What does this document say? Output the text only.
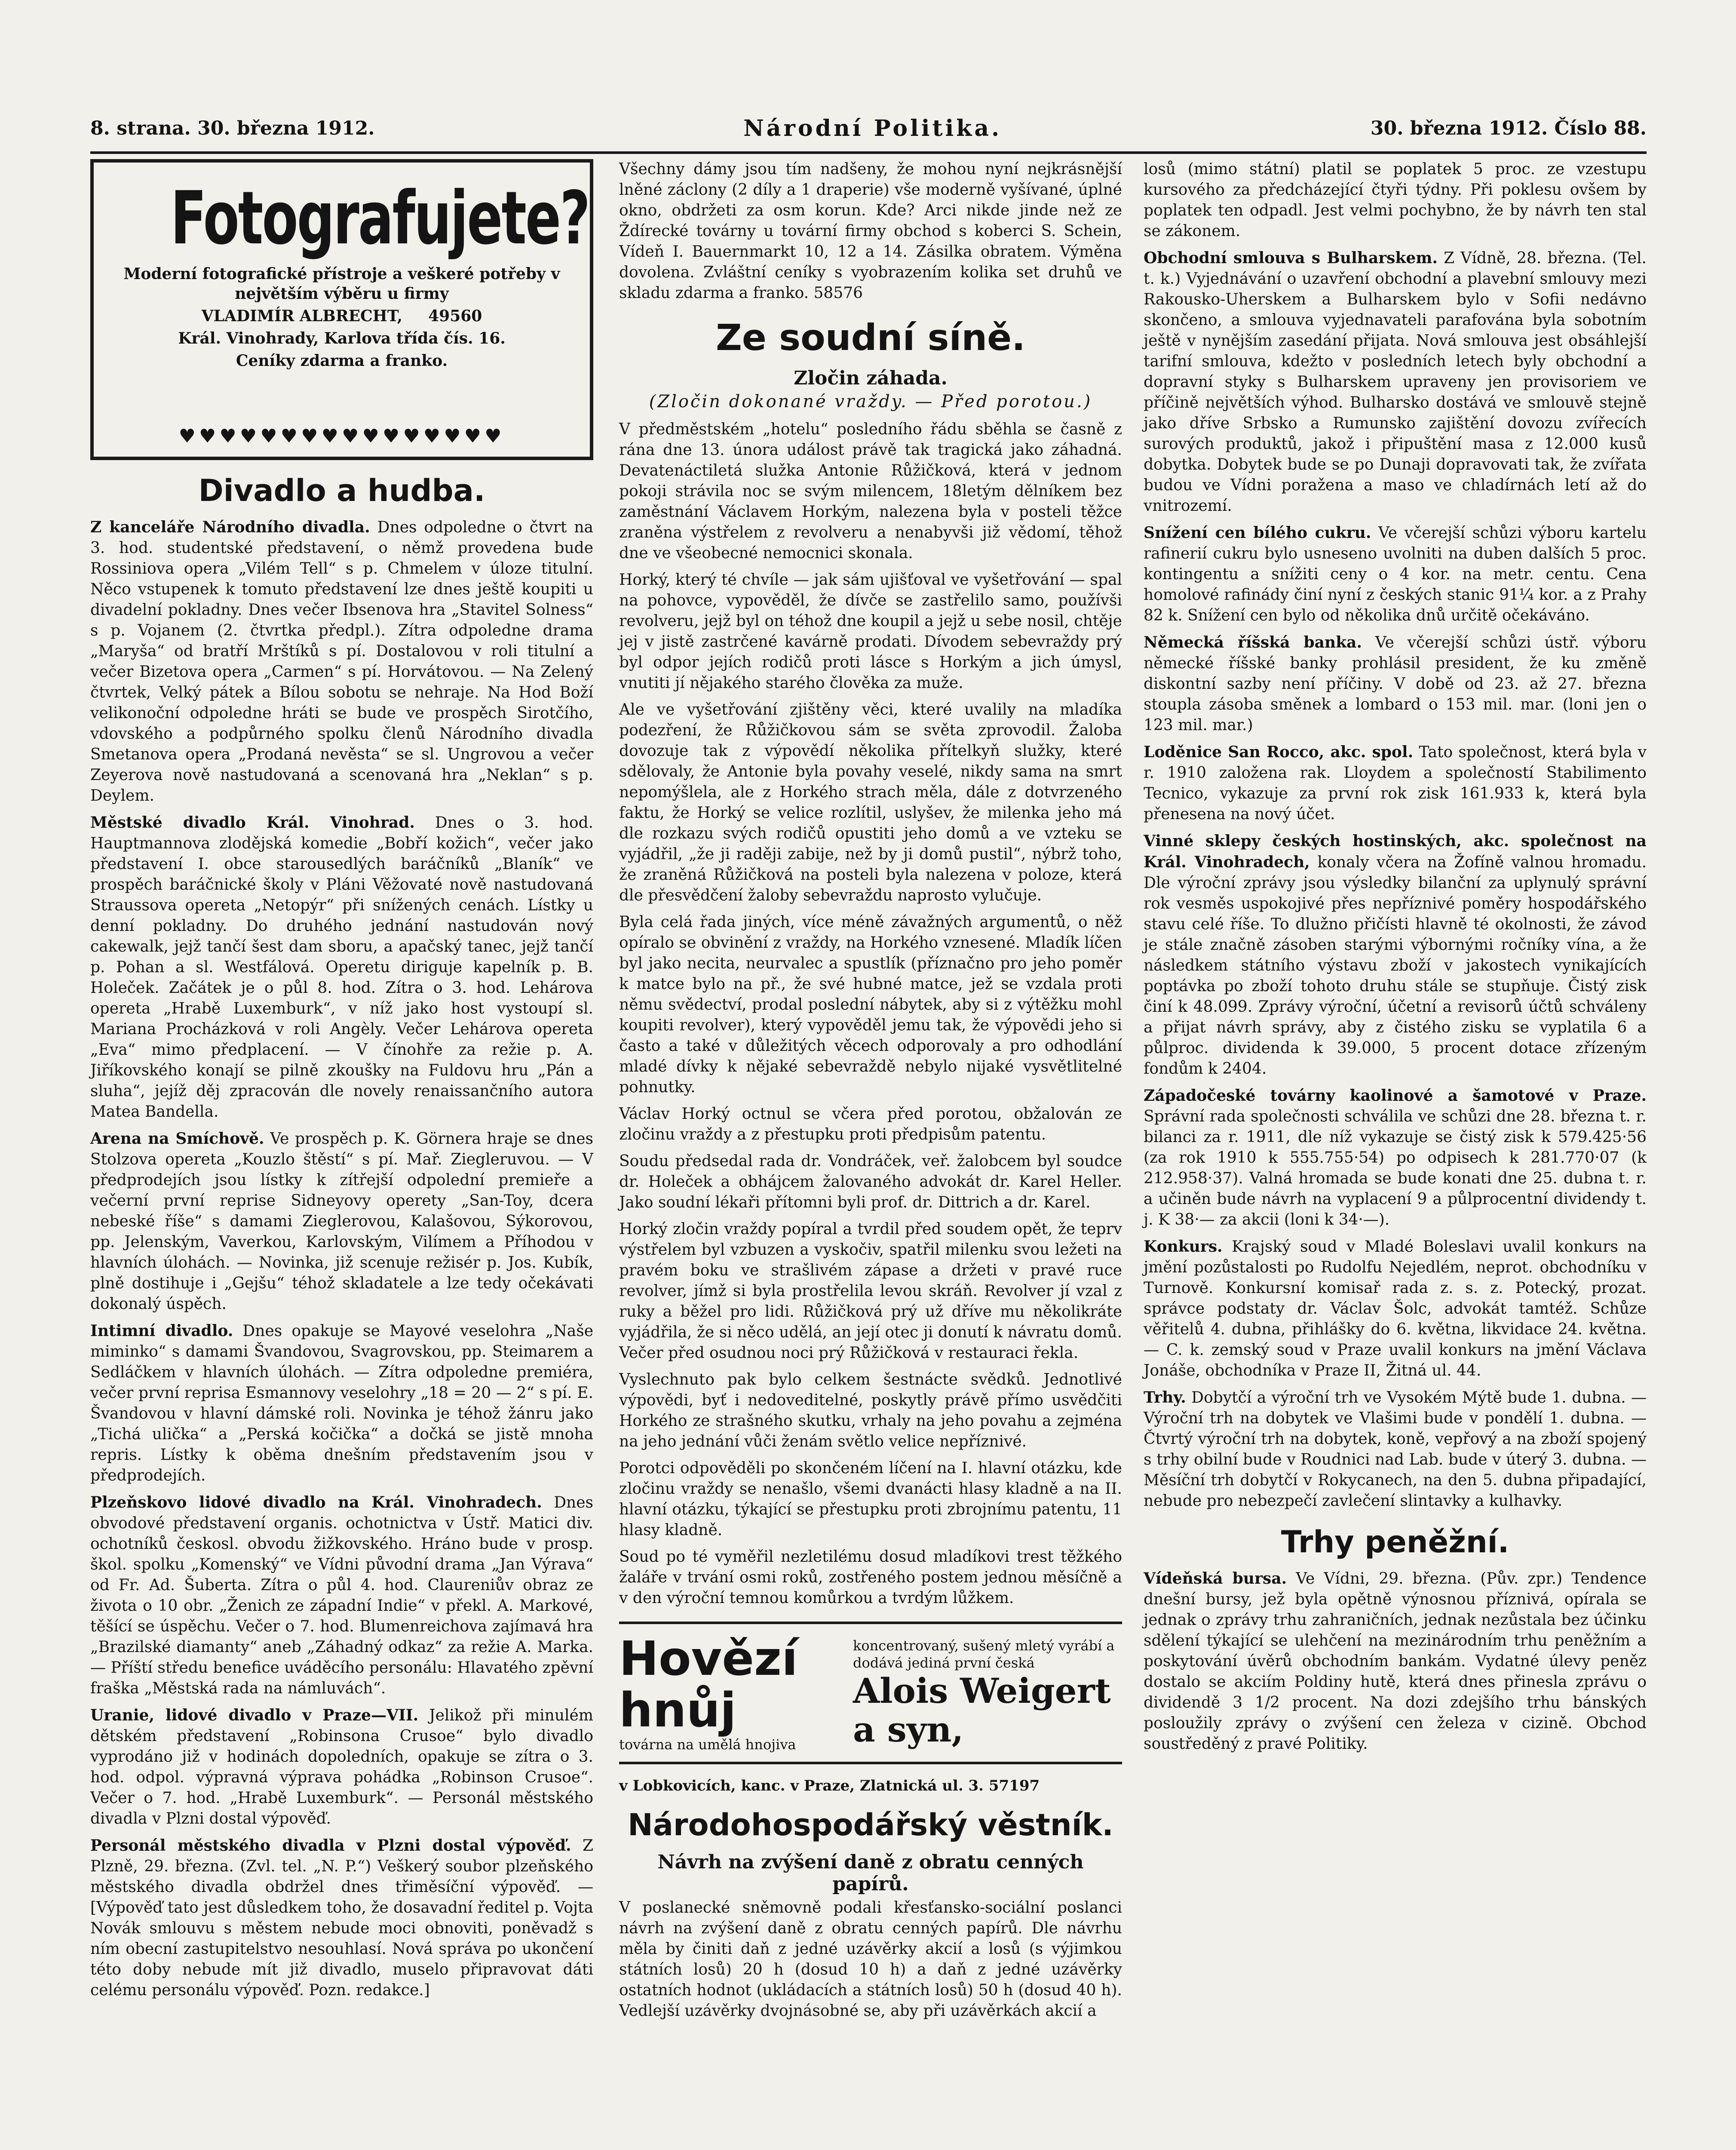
8. strana. 30. března 1912.	Národní Politika.	30. března 1912. Číslo 88.
Fotografujete?
Moderní fotografické přístroje a veškeré potřeby v největším výběru u firmy
VLADIMÍR ALBRECHT, 49560
Král. Vinohrady, Karlova třída čís. 16.
Ceníky zdarma a franko.
♥♥♥♥♥♥♥♥♥♥♥♥♥♥♥♥
Divadlo a hudba.

Z kanceláře Národního divadla. Dnes odpoledne o čtvrt na 3. hod. studentské představení, o němž provedena bude Rossiniova opera „Vilém Tell“ s p. Chmelem v úloze titulní. Něco vstupenek k tomuto představení lze dnes ještě koupiti u divadelní pokladny. Dnes večer Ibsenova hra „Stavitel Solness“ s p. Vojanem (2. čtvrtka předpl.). Zítra odpoledne drama „Maryša“ od bratří Mrštíků s pí. Dostalovou v roli titulní a večer Bizetova opera „Carmen“ s pí. Horvátovou. — Na Zelený čtvrtek, Velký pátek a Bílou sobotu se nehraje. Na Hod Boží velikonoční odpoledne hráti se bude ve prospěch Sirotčího, vdovského a podpůrného spolku členů Národního divadla Smetanova opera „Prodaná nevěsta“ se sl. Ungrovou a večer Zeyerova nově nastudovaná a scenovaná hra „Neklan“ s p. Deylem.

Městské divadlo Král. Vinohrad. Dnes o 3. hod. Hauptmannova zlodějská komedie „Bobří kožich“, večer jako představení I. obce starousedlých baráčníků „Blaník“ ve prospěch baráčnické školy v Pláni Věžovaté nově nastudovaná Straussova opereta „Netopýr“ při snížených cenách. Lístky u denní pokladny. Do druhého jednání nastudován nový cakewalk, jejž tančí šest dam sboru, a apačský tanec, jejž tančí p. Pohan a sl. Westfálová. Operetu diriguje kapelník p. B. Holeček. Začátek je o půl 8. hod. Zítra o 3. hod. Lehárova opereta „Hrabě Luxemburk“, v níž jako host vystoupí sl. Mariana Procházková v roli Angèly. Večer Lehárova opereta „Eva“ mimo předplacení. — V čínohře za režie p. A. Jiříkovského konají se pilně zkoušky na Fuldovu hru „Pán a sluha“, jejíž děj zpracován dle novely renaissančního autora Matea Bandella.

Arena na Smíchově. Ve prospěch p. K. Görnera hraje se dnes Stolzova opereta „Kouzlo štěstí“ s pí. Mař. Ziegleruvou. — V předprodejích jsou lístky k zítřejší odpolední premieře a večerní první reprise Sidneyovy operety „San-Toy, dcera nebeské říše“ s damami Zieglerovou, Kalašovou, Sýkorovou, pp. Jelenským, Vaverkou, Karlovským, Vilímem a Příhodou v hlavních úlohách. — Novinka, již scenuje režisér p. Jos. Kubík, plně dostihuje i „Gejšu“ téhož skladatele a lze tedy očekávati dokonalý úspěch.

Intimní divadlo. Dnes opakuje se Mayové veselohra „Naše miminko“ s damami Švandovou, Svagrovskou, pp. Steimarem a Sedláčkem v hlavních úlohách. — Zítra odpoledne premiéra, večer první reprisa Esmannovy veselohry „18 = 20 — 2“ s pí. E. Švandovou v hlavní dámské roli. Novinka je téhož žánru jako „Tichá ulička“ a „Perská kočička“ a dočká se jistě mnoha repris. Lístky k oběma dnešním představením jsou v předprodejích.

Plzeňskovo lidové divadlo na Král. Vinohradech. Dnes obvodové představení organis. ochotnictva v Ústř. Matici div. ochotníků českosl. obvodu žižkovského. Hráno bude v prosp. škol. spolku „Komenský“ ve Vídni původní drama „Jan Výrava“ od Fr. Ad. Šuberta. Zítra o půl 4. hod. Claureniův obraz ze života o 10 obr. „Ženich ze západní Indie“ v překl. A. Markové, těšící se úspěchu. Večer o 7. hod. Blumenreichova zajímavá hra „Brazilské diamanty“ aneb „Záhadný odkaz“ za režie A. Marka. — Příští středu benefice uváděcího personálu: Hlavatého zpěvní fraška „Městská rada na námluvách“.

Uranie, lidové divadlo v Praze—VII. Jelikož při minulém dětském představení „Robinsona Crusoe“ bylo divadlo vyprodáno již v hodinách dopoledních, opakuje se zítra o 3. hod. odpol. výpravná výprava pohádka „Robinson Crusoe“. Večer o 7. hod. „Hrabě Luxemburk“. — Personál městského divadla v Plzni dostal výpověď.

Personál městského divadla v Plzni dostal výpověď. Z Plzně, 29. března. (Zvl. tel. „N. P.“) Veškerý soubor plzeňského městského divadla obdržel dnes třiměsíční výpověď. — [Výpověď tato jest důsledkem toho, že dosavadní ředitel p. Vojta Novák smlouvu s městem nebude moci obnoviti, poněvadž s ním obecní zastupitelstvo nesouhlasí. Nová správa po ukončení této doby nebude mít již divadlo, muselo připravovat dáti celému personálu výpověď. Pozn. redakce.]

Všechny dámy jsou tím nadšeny, že mohou nyní nejkrásnější lněné záclony (2 díly a 1 draperie) vše moderně vyšívané, úplné okno, obdržeti za osm korun. Kde? Arci nikde jinde než ze Ždírecké továrny u tovární firmy obchod s koberci S. Schein, Vídeň I. Bauernmarkt 10, 12 a 14. Zásilka obratem. Výměna dovolena. Zvláštní ceníky s vyobrazením kolika set druhů ve skladu zdarma a franko. 58576

Ze soudní síně.
Zločin záhada.
(Zločin dokonané vraždy. — Před porotou.)

V předměstském „hotelu“ posledního řádu sběhla se časně z rána dne 13. února událost právě tak tragická jako záhadná. Devatenáctiletá služka Antonie Růžičková, která v jednom pokoji strávila noc se svým milencem, 18letým dělníkem bez zaměstnání Václavem Horkým, nalezena byla v posteli těžce zraněna výstřelem z revolveru a nenabyvši již vědomí, těhož dne ve všeobecné nemocnici skonala.

Horký, který té chvíle — jak sám ujišťoval ve vyšetřování — spal na pohovce, vypověděl, že dívče se zastřelilo samo, používši revolveru, jejž byl on téhož dne koupil a jejž u sebe nosil, chtěje jej v jistě zastrčené kavárně prodati. Dívodem sebevraždy prý byl odpor jejích rodičů proti lásce s Horkým a jich úmysl, vnutiti jí nějakého starého člověka za muže.

Ale ve vyšetřování zjištěny věci, které uvalily na mladíka podezření, že Růžičkovou sám se světa zprovodil. Žaloba dovozuje tak z výpovědí několika přítelkyň služky, které sdělovaly, že Antonie byla povahy veselé, nikdy sama na smrt nepomýšlela, ale z Horkého strach měla, dále z dotvrzeného faktu, že Horký se velice rozlítil, uslyšev, že milenka jeho má dle rozkazu svých rodičů opustiti jeho domů a ve vzteku se vyjádřil, „že ji raději zabije, než by ji domů pustil“, nýbrž toho, že zraněná Růžičková na posteli byla nalezena v poloze, která dle přesvědčení žaloby sebevraždu naprosto vylučuje.

Byla celá řada jiných, více méně závažných argumentů, o něž opíralo se obvinění z vraždy, na Horkého vznesené. Mladík líčen byl jako necita, neurvalec a spustlík (příznačno pro jeho poměr k matce bylo na př., že své hubné matce, jež se vzdala proti němu svědectví, prodal poslední nábytek, aby si z výtěžku mohl koupiti revolver), který vypověděl jemu tak, že výpovědi jeho si často a také v důležitých věcech odporovaly a pro odhodlání mladé dívky k nějaké sebevraždě nebylo nijaké vysvětlitelné pohnutky.

Václav Horký octnul se včera před porotou, obžalován ze zločinu vraždy a z přestupku proti předpisům patentu.

Soudu předsedal rada dr. Vondráček, veř. žalobcem byl soudce dr. Holeček a obhájcem žalovaného advokát dr. Karel Heller. Jako soudní lékaři přítomni byli prof. dr. Dittrich a dr. Karel.

Horký zločin vraždy popíral a tvrdil před soudem opět, že teprv výstřelem byl vzbuzen a vyskočiv, spatřil milenku svou ležeti na pravém boku ve strašlivém zápase a držeti v pravé ruce revolver, jímž si byla prostřelila levou skráň. Revolver jí vzal z ruky a běžel pro lidi. Růžičková prý už dříve mu několikráte vyjádřila, že si něco udělá, an její otec ji donutí k návratu domů. Večer před osudnou noci prý Růžičková v restauraci řekla.

Vyslechnuto pak bylo celkem šestnácte svědků. Jednotlivé výpovědi, byť i nedoveditelné, poskytly právě přímo usvědčiti Horkého ze strašného skutku, vrhaly na jeho povahu a zejména na jeho jednání vůči ženám světlo velice nepříznivé.

Porotci odpověděli po skončeném líčení na I. hlavní otázku, kde zločinu vraždy se nenašlo, všemi dvanácti hlasy kladně a na II. hlavní otázku, týkající se přestupku proti zbrojnímu patentu, 11 hlasy kladně.

Soud po té vyměřil nezletilému dosud mladíkovi trest těžkého žaláře v trvání osmi roků, zostřeného postem jednou měsíčně a v den výroční temnou komůrkou a tvrdým lůžkem.

Hovězí hnůj
továrna na umělá hnojiva
koncentrovaný, sušený mletý vyrábí a dodává jediná první česká
Alois Weigert a syn,
v Lobkovicích, kanc. v Praze, Zlatnická ul. 3. 57197
Národohospodářský věstník.
Návrh na zvýšení daně z obratu cenných papírů.

V poslanecké sněmovně podali křesťansko-sociální poslanci návrh na zvýšení daně z obratu cenných papírů. Dle návrhu měla by činiti daň z jedné uzávěrky akcií a losů (s výjimkou státních losů) 20 h (dosud 10 h) a daň z jedné uzávěrky ostatních hodnot (ukládacích a státních losů) 50 h (dosud 40 h). Vedlejší uzávěrky dvojnásobné se, aby při uzávěrkách akcií a

losů (mimo státní) platil se poplatek 5 proc. ze vzestupu kursového za předcházející čtyři týdny. Při poklesu ovšem by poplatek ten odpadl. Jest velmi pochybno, že by návrh ten stal se zákonem.

Obchodní smlouva s Bulharskem. Z Vídně, 28. března. (Tel. t. k.) Vyjednávání o uzavření obchodní a plavební smlouvy mezi Rakousko-Uherskem a Bulharskem bylo v Sofii nedávno skončeno, a smlouva vyjednavateli parafována byla sobotním ještě v nynějším zasedání přijata. Nová smlouva jest obsáhlejší tarifní smlouva, kdežto v posledních letech byly obchodní a dopravní styky s Bulharskem upraveny jen provisoriem ve příčině největších výhod. Bulharsko dostává ve smlouvě stejně jako dříve Srbsko a Rumunsko zajištění dovozu zvířecích surových produktů, jakož i připuštění masa z 12.000 kusů dobytka. Dobytek bude se po Dunaji dopravovati tak, že zvířata budou ve Vídni poražena a maso ve chladírnách letí až do vnitrozemí.

Snížení cen bílého cukru. Ve včerejší schůzi výboru kartelu rafinerií cukru bylo usneseno uvolniti na duben dalších 5 proc. kontingentu a snížiti ceny o 4 kor. na metr. centu. Cena homolové rafinády činí nyní z českých stanic 91¼ kor. a z Prahy 82 k. Snížení cen bylo od několika dnů určitě očekáváno.

Německá říšská banka. Ve včerejší schůzi ústř. výboru německé říšské banky prohlásil president, že ku změně diskontní sazby není příčiny. V době od 23. až 27. března stoupla zásoba směnek a lombard o 153 mil. mar. (loni jen o 123 mil. mar.)

Loděnice San Rocco, akc. spol. Tato společnost, která byla v r. 1910 založena rak. Lloydem a společností Stabilimento Tecnico, vykazuje za první rok zisk 161.933 k, která byla přenesena na nový účet.

Vinné sklepy českých hostinských, akc. společnost na Král. Vinohradech, konaly včera na Žofíně valnou hromadu. Dle výroční zprávy jsou výsledky bilanční za uplynulý správní rok vesměs uspokojivé přes nepříznivé poměry hospodářského stavu celé říše. To dlužno přičísti hlavně té okolnosti, že závod je stále značně zásoben starými výbornými ročníky vína, a že následkem státního výstavu zboží v jakostech vynikajících poptávka po zboží tohoto druhu stále se stupňuje. Čistý zisk činí k 48.099. Zprávy výroční, účetní a revisorů účtů schváleny a přijat návrh správy, aby z čistého zisku se vyplatila 6 a půlproc. dividenda k 39.000, 5 procent dotace zřízeným fondům k 2404.

Západočeské továrny kaolinové a šamotové v Praze. Správní rada společnosti schválila ve schůzi dne 28. března t. r. bilanci za r. 1911, dle níž vykazuje se čistý zisk k 579.425·56 (za rok 1910 k 555.755·54) po odpisech k 281.770·07 (k 212.958·37). Valná hromada se bude konati dne 25. dubna t. r. a učiněn bude návrh na vyplacení 9 a půlprocentní dividendy t. j. K 38·— za akcii (loni k 34·—).

Konkurs. Krajský soud v Mladé Boleslavi uvalil konkurs na jmění pozůstalosti po Rudolfu Nejedlém, neprot. obchodníku v Turnově. Konkursní komisař rada z. s. z. Potecký, prozat. správce podstaty dr. Václav Šolc, advokát tamtéž. Schůze věřitelů 4. dubna, přihlášky do 6. května, likvidace 24. května. — C. k. zemský soud v Praze uvalil konkurs na jmění Václava Jonáše, obchodníka v Praze II, Žitná ul. 44.

Trhy. Dobytčí a výroční trh ve Vysokém Mýtě bude 1. dubna. — Výroční trh na dobytek ve Vlašimi bude v pondělí 1. dubna. — Čtvrtý výroční trh na dobytek, koně, vepřový a na zboží spojený s trhy obilní bude v Roudnici nad Lab. bude v úterý 3. dubna. — Měsíční trh dobytčí v Rokycanech, na den 5. dubna připadající, nebude pro nebezpečí zavlečení slintavky a kulhavky.

Trhy peněžní.

Vídeňská bursa. Ve Vídni, 29. března. (Pův. zpr.) Tendence dnešní bursy, jež byla opětně výnosnou příznivá, opírala se jednak o zprávy trhu zahraničních, jednak nezůstala bez účinku sdělení týkající se ulehčení na mezinárodním trhu peněžním a poskytování úvěrů obchodním bankám. Vydatné úlevy peněz dostalo se akciím Poldiny hutě, která dnes přinesla zprávu o dividendě 3 1/2 procent. Na dozi zdejšího trhu bánských posloužily zprávy o zvýšení cen železa v cizině. Obchod soustředěný z pravé Politiky.
